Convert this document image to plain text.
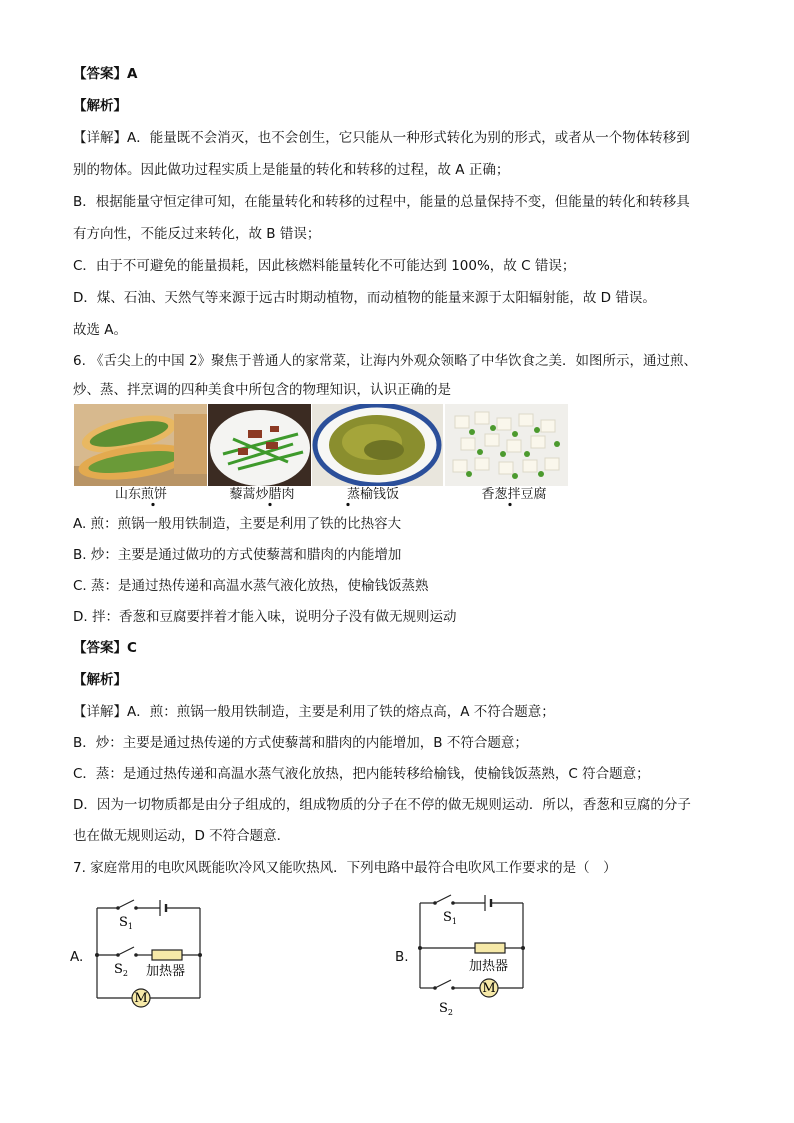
【答案】A
【解析】
【详解】A．能量既不会消灭，也不会创生，它只能从一种形式转化为别的形式，或者从一个物体转移到
别的物体。因此做功过程实质上是能量的转化和转移的过程，故 A 正确；
B．根据能量守恒定律可知，在能量转化和转移的过程中，能量的总量保持不变，但能量的转化和转移具
有方向性，不能反过来转化，故 B 错误；
C．由于不可避免的能量损耗，因此核燃料能量转化不可能达到 100%，故 C 错误；
D．煤、石油、天然气等来源于远古时期动植物，而动植物的能量来源于太阳辐射能，故 D 错误。
故选 A。
6. 《舌尖上的中国 2》聚焦于普通人的家常菜，让海内外观众领略了中华饮食之美．如图所示，通过煎、
炒、蒸、拌烹调的四种美食中所包含的物理知识，认识正确的是
山东煎饼	藜蒿炒腊肉	蒸榆钱饭	香葱拌豆腐
A. 煎：煎锅一般用铁制造，主要是利用了铁的比热容大
B. 炒：主要是通过做功的方式使藜蒿和腊肉的内能增加
C. 蒸：是通过热传递和高温水蒸气液化放热，使榆钱饭蒸熟
D. 拌：香葱和豆腐要拌着才能入味，说明分子没有做无规则运动
【答案】C
【解析】
【详解】A．煎：煎锅一般用铁制造，主要是利用了铁的熔点高，A 不符合题意；
B．炒：主要是通过热传递的方式使藜蒿和腊肉的内能增加，B 不符合题意；
C．蒸：是通过热传递和高温水蒸气液化放热，把内能转移给榆钱，使榆钱饭蒸熟，C 符合题意；
D．因为一切物质都是由分子组成的，组成物质的分子在不停的做无规则运动．所以，香葱和豆腐的分子
也在做无规则运动，D 不符合题意．
7. 家庭常用的电吹风既能吹冷风又能吹热风．下列电路中最符合电吹风工作要求的是（　）
$S_1$
$S_2$ 加热器
M
A.
$S_1$
加热器
M
$S_2$
B.
